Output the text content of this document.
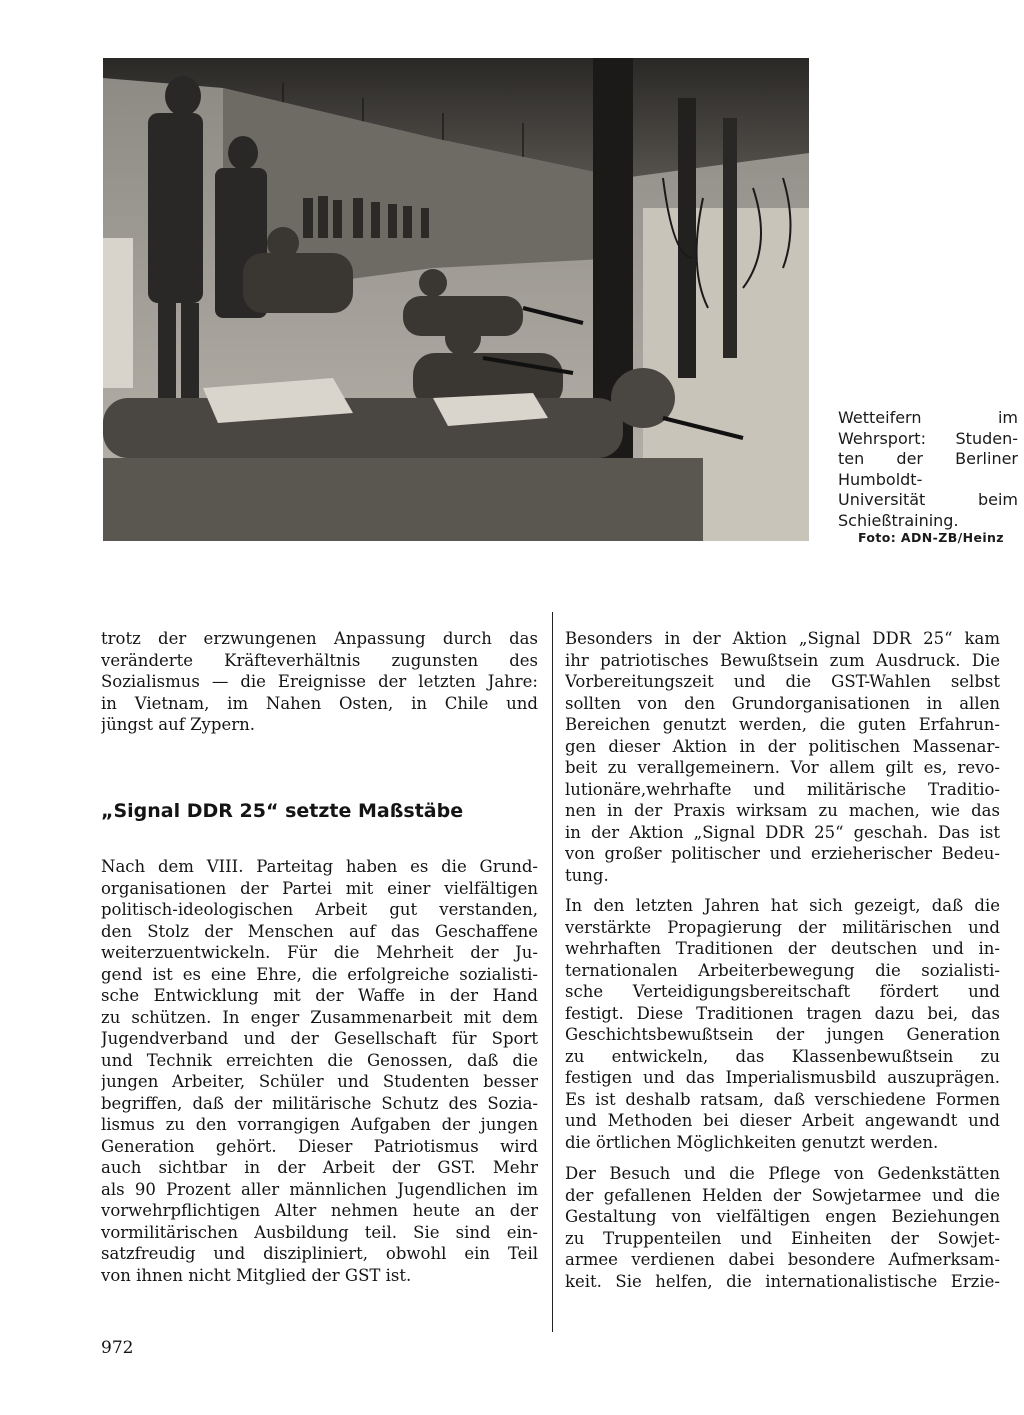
Wetteifern im
Wehrsport: Studen-
ten der Berliner
Humboldt-
Universität beim
Schießtraining.
Foto: ADN-ZB/Heinz
trotz der erzwungenen Anpassung durch das
veränderte Kräfteverhältnis zugunsten des
Sozialismus — die Ereignisse der letzten Jahre:
in Vietnam, im Nahen Osten, in Chile und
jüngst auf Zypern.
„Signal DDR 25“ setzte Maßstäbe
Nach dem VIII. Parteitag haben es die Grund-
organisationen der Partei mit einer vielfältigen
politisch-ideologischen Arbeit gut verstanden,
den Stolz der Menschen auf das Geschaffene
weiterzuentwickeln. Für die Mehrheit der Ju-
gend ist es eine Ehre, die erfolgreiche sozialisti-
sche Entwicklung mit der Waffe in der Hand
zu schützen. In enger Zusammenarbeit mit dem
Jugendverband und der Gesellschaft für Sport
und Technik erreichten die Genossen, daß die
jungen Arbeiter, Schüler und Studenten besser
begriffen, daß der militärische Schutz des Sozia-
lismus zu den vorrangigen Aufgaben der jungen
Generation gehört. Dieser Patriotismus wird
auch sichtbar in der Arbeit der GST. Mehr
als 90 Prozent aller männlichen Jugendlichen im
vorwehrpflichtigen Alter nehmen heute an der
vormilitärischen Ausbildung teil. Sie sind ein-
satzfreudig und diszipliniert, obwohl ein Teil
von ihnen nicht Mitglied der GST ist.
Besonders in der Aktion „Signal DDR 25“ kam
ihr patriotisches Bewußtsein zum Ausdruck. Die
Vorbereitungszeit und die GST-Wahlen selbst
sollten von den Grundorganisationen in allen
Bereichen genutzt werden, die guten Erfahrun-
gen dieser Aktion in der politischen Massenar-
beit zu verallgemeinern. Vor allem gilt es, revo-
lutionäre,wehrhafte und militärische Traditio-
nen in der Praxis wirksam zu machen, wie das
in der Aktion „Signal DDR 25“ geschah. Das ist
von großer politischer und erzieherischer Bedeu-
tung.
In den letzten Jahren hat sich gezeigt, daß die
verstärkte Propagierung der militärischen und
wehrhaften Traditionen der deutschen und in-
ternationalen Arbeiterbewegung die sozialisti-
sche Verteidigungsbereitschaft fördert und
festigt. Diese Traditionen tragen dazu bei, das
Geschichtsbewußtsein der jungen Generation
zu entwickeln, das Klassenbewußtsein zu
festigen und das Imperialismusbild auszuprägen.
Es ist deshalb ratsam, daß verschiedene Formen
und Methoden bei dieser Arbeit angewandt und
die örtlichen Möglichkeiten genutzt werden.
Der Besuch und die Pflege von Gedenkstätten
der gefallenen Helden der Sowjetarmee und die
Gestaltung von vielfältigen engen Beziehungen
zu Truppenteilen und Einheiten der Sowjet-
armee verdienen dabei besondere Aufmerksam-
keit. Sie helfen, die internationalistische Erzie-
972
